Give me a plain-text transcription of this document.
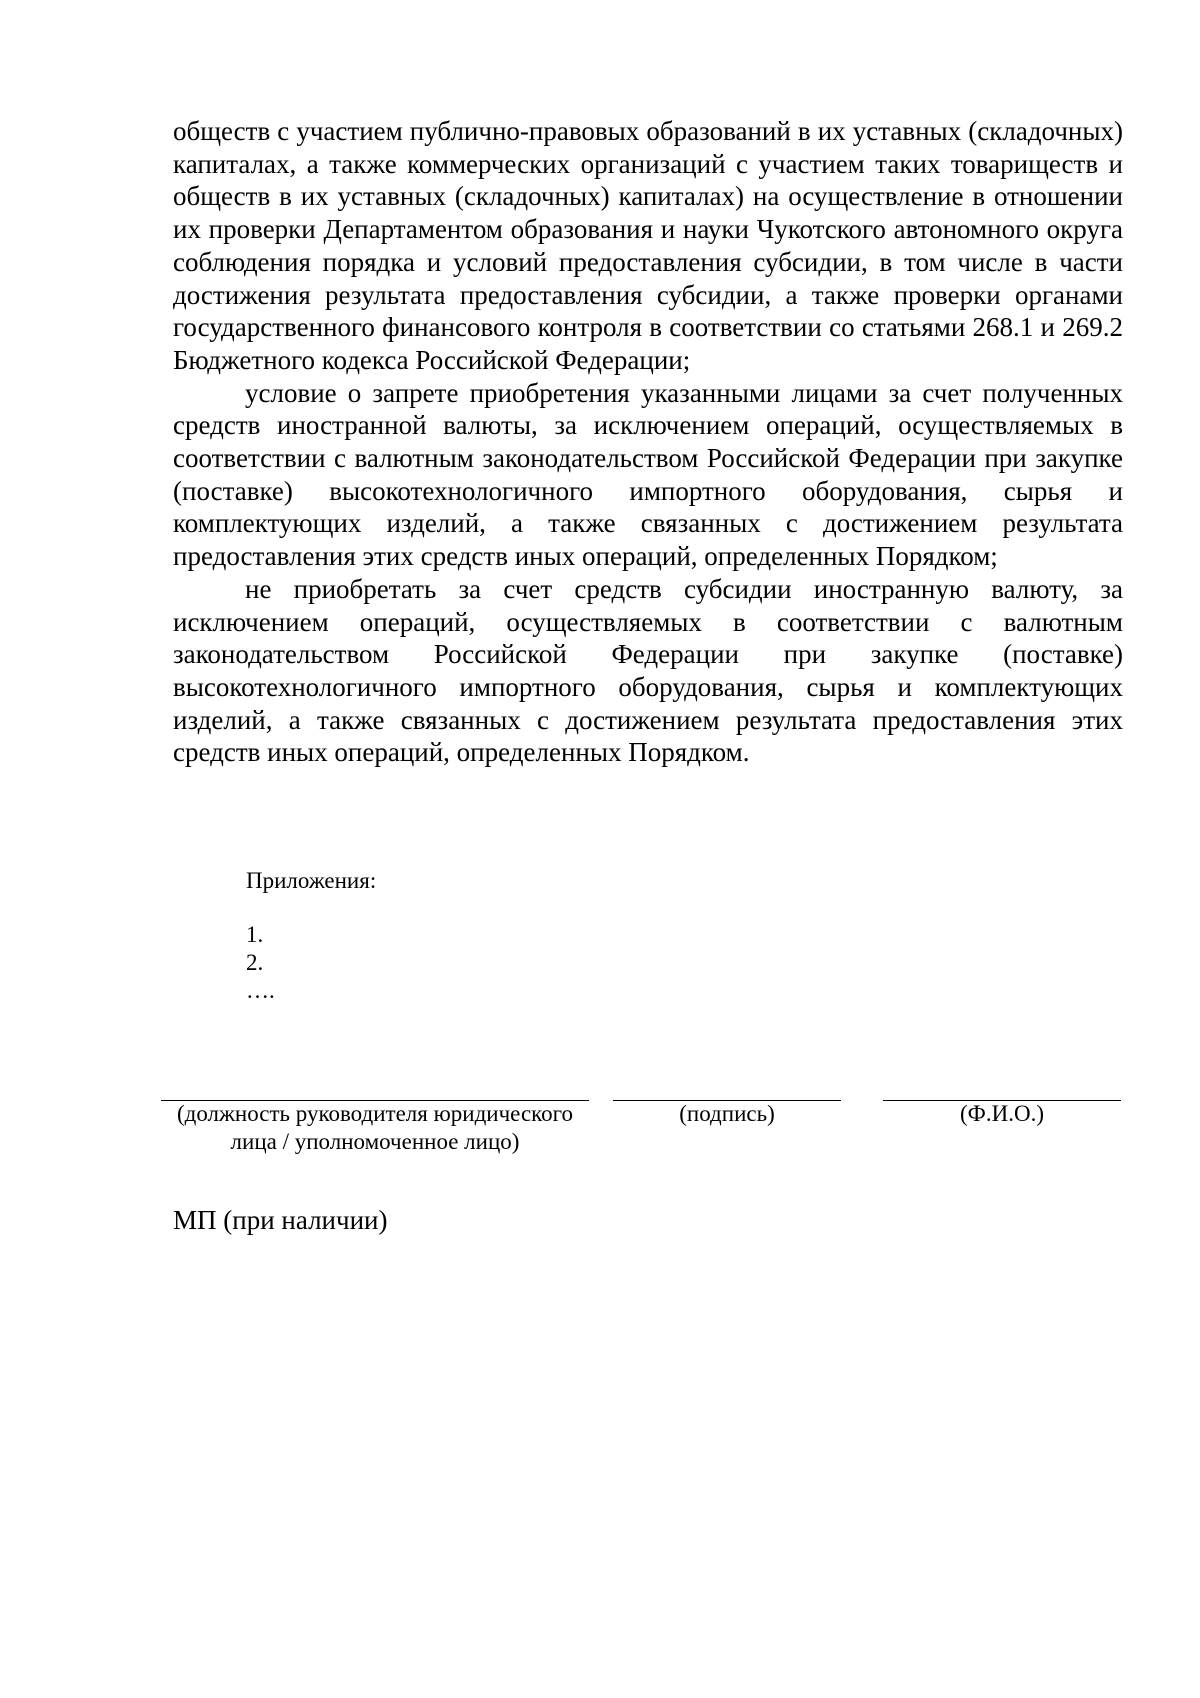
обществ с участием публично-правовых образований в их уставных (складочных) капиталах, а также коммерческих организаций с участием таких товариществ и обществ в их уставных (складочных) капиталах) на осуществление в отношении их проверки Департаментом образования и науки Чукотского автономного округа соблюдения порядка и условий предоставления субсидии, в том числе в части достижения результата предоставления субсидии, а также проверки органами государственного финансового контроля в соответствии со статьями 268.1 и 269.2 Бюджетного кодекса Российской Федерации;

условие о запрете приобретения указанными лицами за счет полученных средств иностранной валюты, за исключением операций, осуществляемых в соответствии с валютным законодательством Российской Федерации при закупке (поставке) высокотехнологичного импортного оборудования, сырья и комплектующих изделий, а также связанных с достижением результата предоставления этих средств иных операций, определенных Порядком;

не приобретать за счет средств субсидии иностранную валюту, за исключением операций, осуществляемых в соответствии с валютным законодательством Российской Федерации при закупке (поставке) высокотехнологичного импортного оборудования, сырья и комплектующих изделий, а также связанных с достижением результата предоставления этих средств иных операций, определенных Порядком.

Приложения:
1.
2.
….
(должность руководителя юридического
лица / уполномоченное лицо)
(подпись)	(Ф.И.О.)
МП (при наличии)
